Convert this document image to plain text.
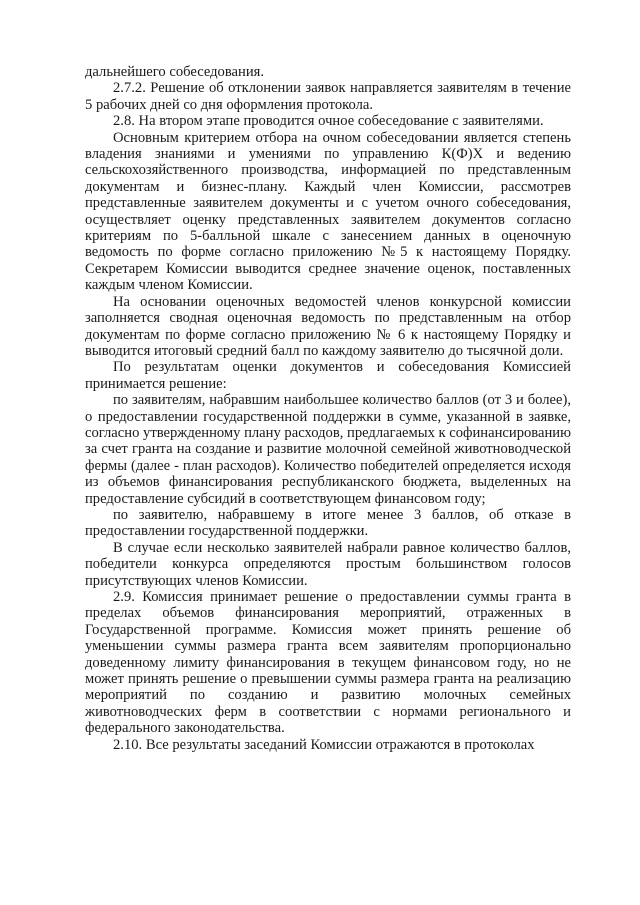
дальнейшего собеседования.

2.7.2. Решение об отклонении заявок направляется заявителям в течение 5 рабочих дней со дня оформления протокола.

2.8. На втором этапе проводится очное собеседование с заявителями.

Основным критерием отбора на очном собеседовании является степень владения знаниями и умениями по управлению К(Ф)Х и ведению сельскохозяйственного производства, информацией по представленным документам и бизнес-плану. Каждый член Комиссии, рассмотрев представленные заявителем документы и с учетом очного собеседования, осуществляет оценку представленных заявителем документов согласно критериям по 5-балльной шкале с занесением данных в оценочную ведомость по форме согласно приложению №5 к настоящему Порядку. Секретарем Комиссии выводится среднее значение оценок, поставленных каждым членом Комиссии.

На основании оценочных ведомостей членов конкурсной комиссии заполняется сводная оценочная ведомость по представленным на отбор документам по форме согласно приложению № 6 к настоящему Порядку и выводится итоговый средний балл по каждому заявителю до тысячной доли.

По результатам оценки документов и собеседования Комиссией принимается решение:

по заявителям, набравшим наибольшее количество баллов (от 3 и более), о предоставлении государственной поддержки в сумме, указанной в заявке, согласно утвержденному плану расходов, предлагаемых к софинансированию за счет гранта на создание и развитие молочной семейной животноводческой фермы (далее - план расходов). Количество победителей определяется исходя из объемов финансирования республиканского бюджета, выделенных на предоставление субсидий в соответствующем финансовом году;

по заявителю, набравшему в итоге менее 3 баллов, об отказе в предоставлении государственной поддержки.

В случае если несколько заявителей набрали равное количество баллов, победители конкурса определяются простым большинством голосов присутствующих членов Комиссии.

2.9. Комиссия принимает решение о предоставлении суммы гранта в пределах объемов финансирования мероприятий, отраженных в Государственной программе. Комиссия может принять решение об уменьшении суммы размера гранта всем заявителям пропорционально доведенному лимиту финансирования в текущем финансовом году, но не может принять решение о превышении суммы размера гранта на реализацию мероприятий по созданию и развитию молочных семейных животноводческих ферм в соответствии с нормами регионального и федерального законодательства.

2.10. Все результаты заседаний Комиссии отражаются в протоколах
